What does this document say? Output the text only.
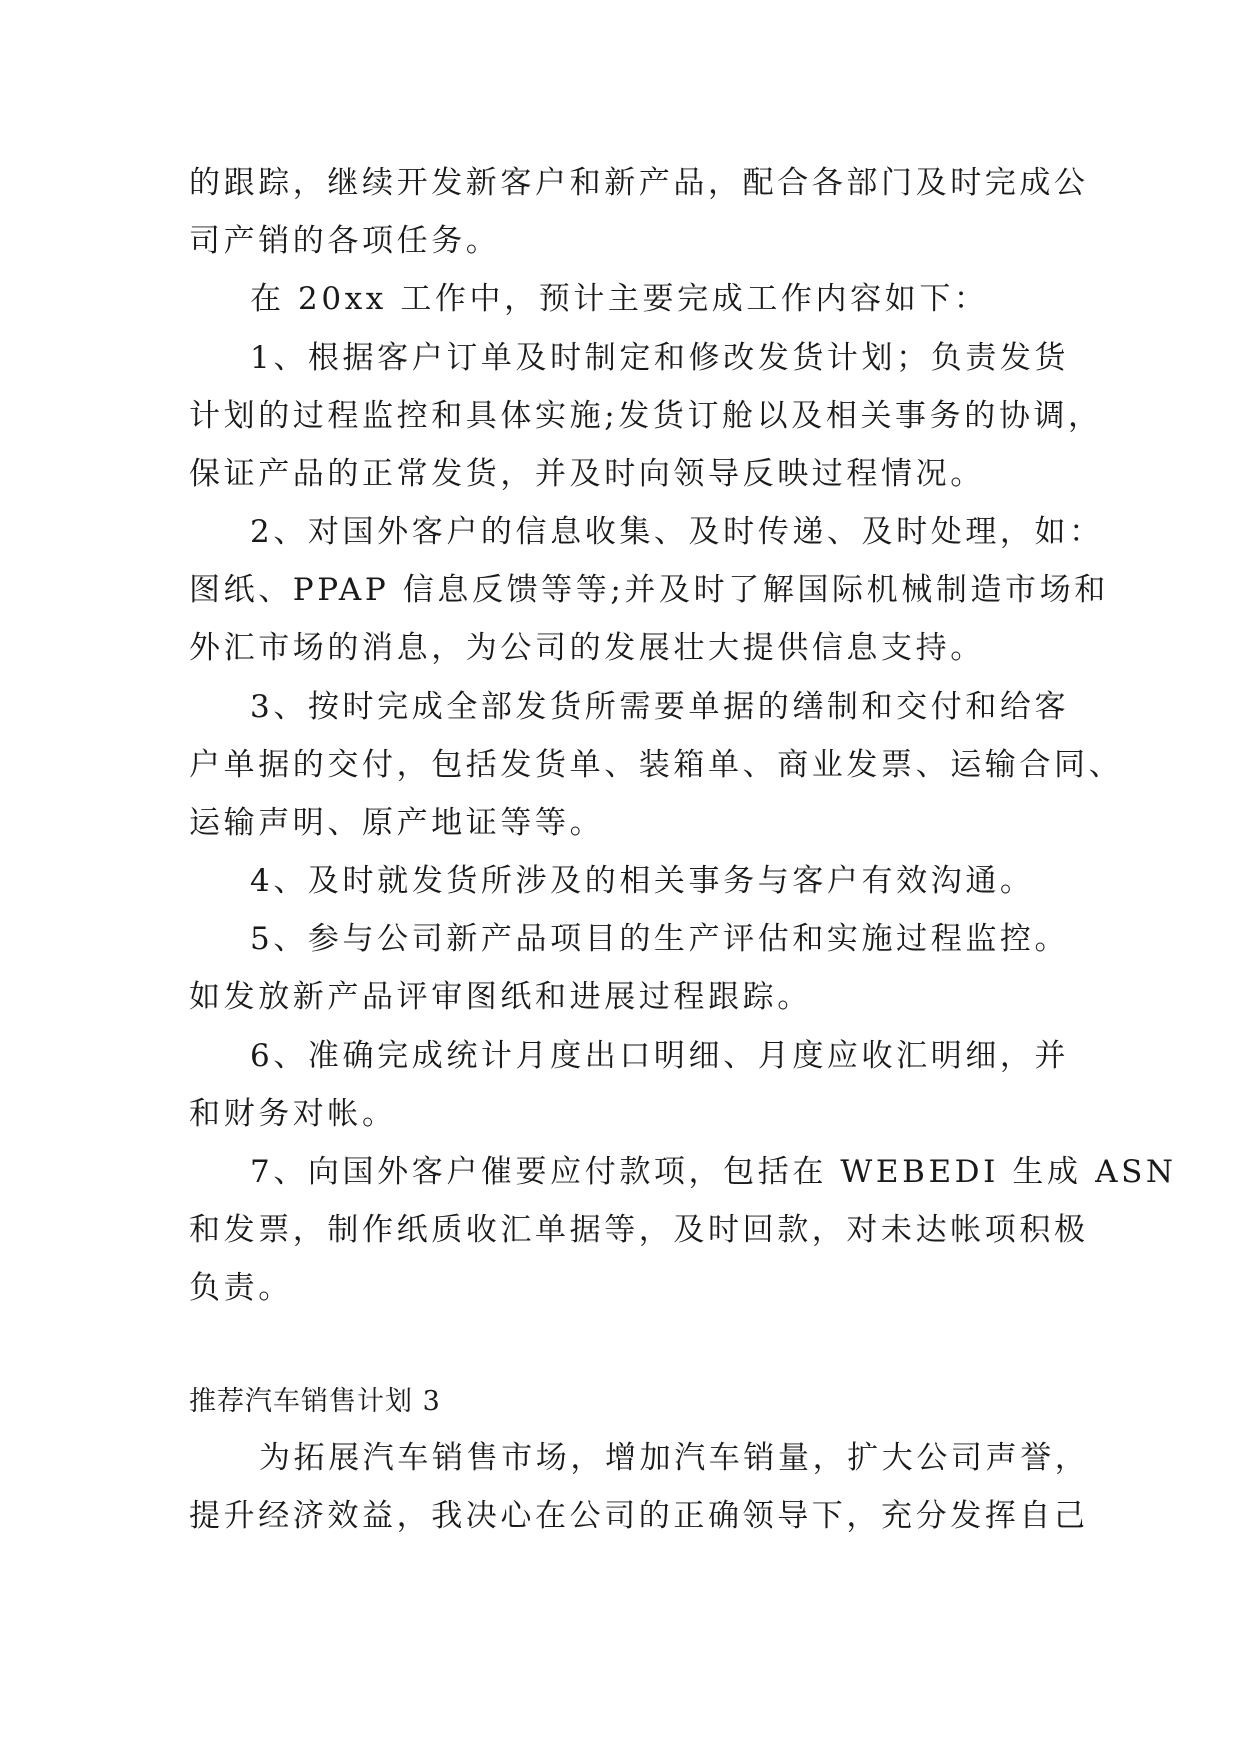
的跟踪，继续开发新客户和新产品，配合各部门及时完成公
司产销的各项任务。
在 20xx 工作中，预计主要完成工作内容如下：
1、根据客户订单及时制定和修改发货计划；负责发货
计划的过程监控和具体实施;发货订舱以及相关事务的协调，
保证产品的正常发货，并及时向领导反映过程情况。
2、对国外客户的信息收集、及时传递、及时处理，如：
图纸、PPAP 信息反馈等等;并及时了解国际机械制造市场和
外汇市场的消息，为公司的发展壮大提供信息支持。
3、按时完成全部发货所需要单据的缮制和交付和给客
户单据的交付，包括发货单、装箱单、商业发票、运输合同、
运输声明、原产地证等等。
4、及时就发货所涉及的相关事务与客户有效沟通。
5、参与公司新产品项目的生产评估和实施过程监控。
如发放新产品评审图纸和进展过程跟踪。
6、准确完成统计月度出口明细、月度应收汇明细，并
和财务对帐。
7、向国外客户催要应付款项，包括在 WEBEDI 生成 ASN
和发票，制作纸质收汇单据等，及时回款，对未达帐项积极
负责。
推荐汽车销售计划 3
为拓展汽车销售市场，增加汽车销量，扩大公司声誉，
提升经济效益，我决心在公司的正确领导下，充分发挥自己
